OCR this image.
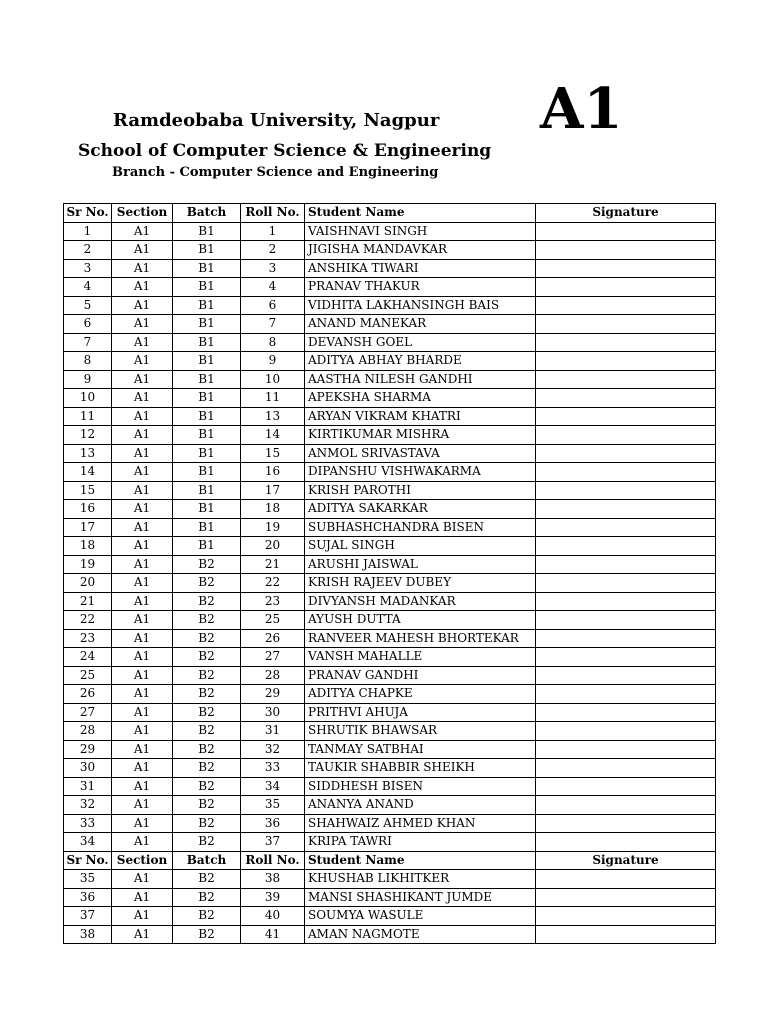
Ramdeobaba University, Nagpur
School of Computer Science & Engineering
Branch - Computer Science and Engineering
A1
Sr No.	Section	Batch	Roll No.	Student Name	Signature
1	A1	B1	1	VAISHNAVI SINGH	
2	A1	B1	2	JIGISHA MANDAVKAR	
3	A1	B1	3	ANSHIKA TIWARI	
4	A1	B1	4	PRANAV THAKUR	
5	A1	B1	6	VIDHITA LAKHANSINGH BAIS	
6	A1	B1	7	ANAND MANEKAR	
7	A1	B1	8	DEVANSH GOEL	
8	A1	B1	9	ADITYA ABHAY BHARDE	
9	A1	B1	10	AASTHA NILESH GANDHI	
10	A1	B1	11	APEKSHA SHARMA	
11	A1	B1	13	ARYAN VIKRAM KHATRI	
12	A1	B1	14	KIRTIKUMAR MISHRA	
13	A1	B1	15	ANMOL SRIVASTAVA	
14	A1	B1	16	DIPANSHU VISHWAKARMA	
15	A1	B1	17	KRISH PAROTHI	
16	A1	B1	18	ADITYA SAKARKAR	
17	A1	B1	19	SUBHASHCHANDRA BISEN	
18	A1	B1	20	SUJAL SINGH	
19	A1	B2	21	ARUSHI JAISWAL	
20	A1	B2	22	KRISH RAJEEV DUBEY	
21	A1	B2	23	DIVYANSH MADANKAR	
22	A1	B2	25	AYUSH DUTTA	
23	A1	B2	26	RANVEER MAHESH BHORTEKAR	
24	A1	B2	27	VANSH MAHALLE	
25	A1	B2	28	PRANAV GANDHI	
26	A1	B2	29	ADITYA CHAPKE	
27	A1	B2	30	PRITHVI AHUJA	
28	A1	B2	31	SHRUTIK BHAWSAR	
29	A1	B2	32	TANMAY SATBHAI	
30	A1	B2	33	TAUKIR SHABBIR SHEIKH	
31	A1	B2	34	SIDDHESH BISEN	
32	A1	B2	35	ANANYA ANAND	
33	A1	B2	36	SHAHWAIZ AHMED KHAN	
34	A1	B2	37	KRIPA TAWRI	
Sr No.	Section	Batch	Roll No.	Student Name	Signature
35	A1	B2	38	KHUSHAB LIKHITKER	
36	A1	B2	39	MANSI SHASHIKANT JUMDE	
37	A1	B2	40	SOUMYA WASULE	
38	A1	B2	41	AMAN NAGMOTE	
